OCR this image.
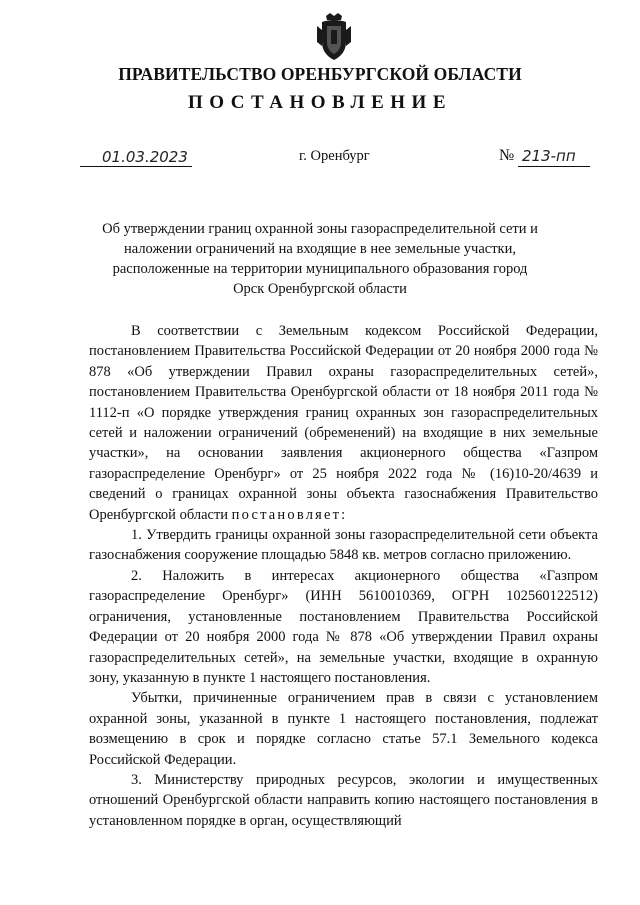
ПРАВИТЕЛЬСТВО ОРЕНБУРГСКОЙ ОБЛАСТИ
ПОСТАНОВЛЕНИЕ
01.03.2023	г. Оренбург	№ 213-пп
Об утверждении границ охранной зоны газораспределительной сети и наложении ограничений на входящие в нее земельные участки, расположенные на территории муниципального образования город Орск Оренбургской области

В соответствии с Земельным кодексом Российской Федерации, постановлением Правительства Российской Федерации от 20 ноября 2000 года № 878 «Об утверждении Правил охраны газораспределительных сетей», постановлением Правительства Оренбургской области от 18 ноября 2011 года № 1112-п «О порядке утверждения границ охранных зон газораспределительных сетей и наложении ограничений (обременений) на входящие в них земельные участки», на основании заявления акционерного общества «Газпром газораспределение Оренбург» от 25 ноября 2022 года № (16)10-20/4639 и сведений о границах охранной зоны объекта газоснабжения Правительство Оренбургской области постановляет:

1. Утвердить границы охранной зоны газораспределительной сети объекта газоснабжения сооружение площадью 5848 кв. метров согласно приложению.

2. Наложить в интересах акционерного общества «Газпром газораспределение Оренбург» (ИНН 5610010369, ОГРН 102560122512) ограничения, установленные постановлением Правительства Российской Федерации от 20 ноября 2000 года № 878 «Об утверждении Правил охраны газораспределительных сетей», на земельные участки, входящие в охранную зону, указанную в пункте 1 настоящего постановления.

Убытки, причиненные ограничением прав в связи с установлением охранной зоны, указанной в пункте 1 настоящего постановления, подлежат возмещению в срок и порядке согласно статье 57.1 Земельного кодекса Российской Федерации.

3. Министерству природных ресурсов, экологии и имущественных отношений Оренбургской области направить копию настоящего постановления в установленном порядке в орган, осуществляющий
